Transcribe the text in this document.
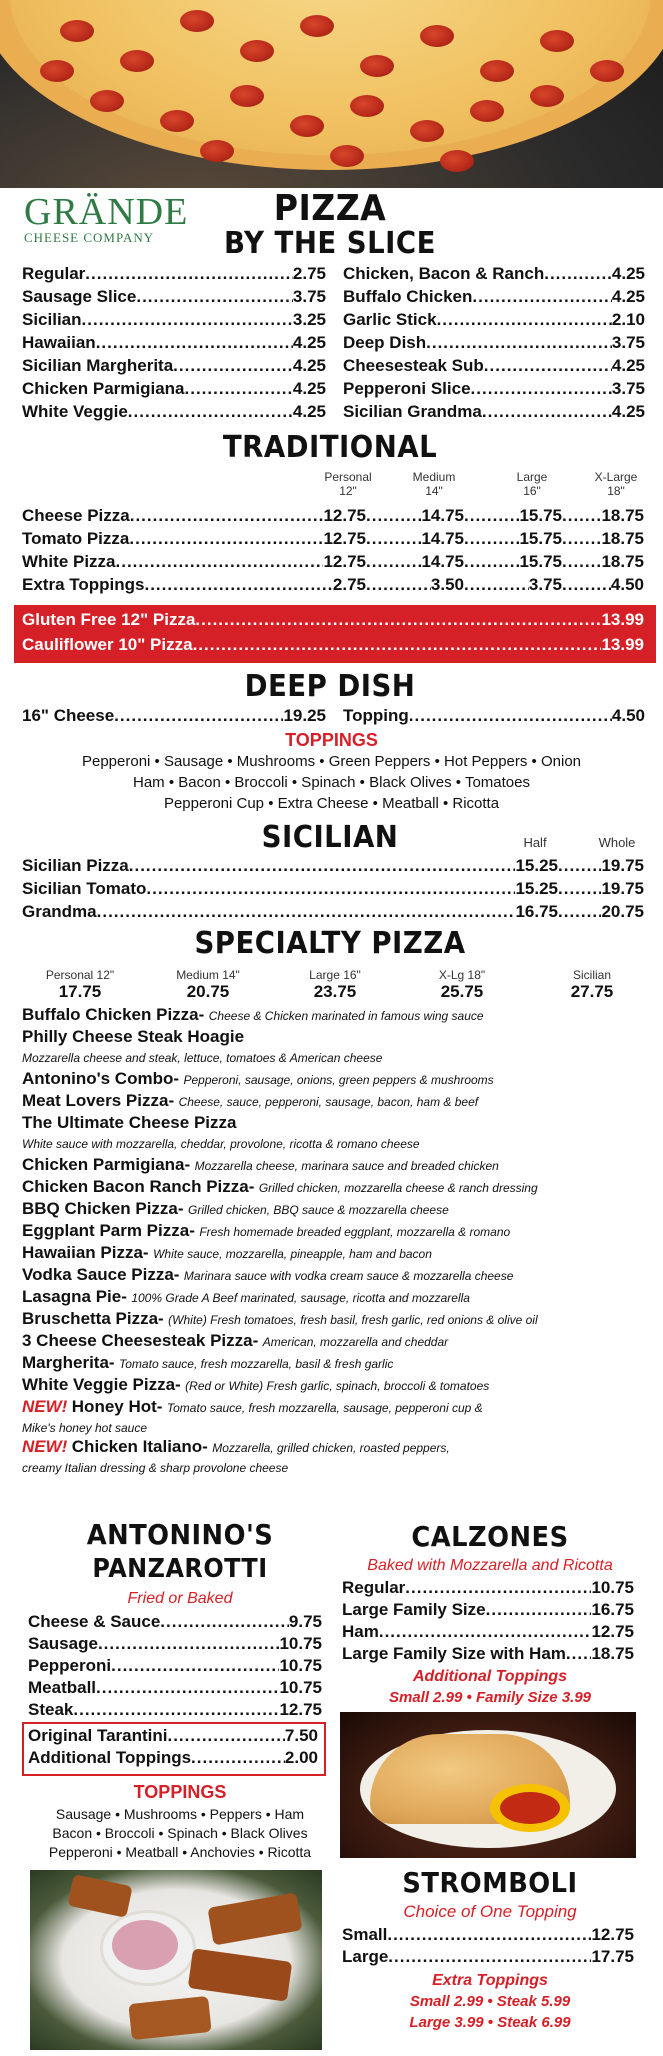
GRÄNDE
CHEESE COMPANY
PIZZA
BY THE SLICE
Regular .....	2.75
Sausage Slice .....	3.75
Sicilian .....	3.25
Hawaiian .....	4.25
Sicilian Margherita .....	4.25
Chicken Parmigiana .....	4.25
White Veggie .....	4.25
Chicken, Bacon & Ranch .....	4.25
Buffalo Chicken .....	4.25
Garlic Stick .....	2.10
Deep Dish .....	3.75
Cheesesteak Sub .....	4.25
Pepperoni Slice .....	3.75
Sicilian Grandma .....	4.25
TRADITIONAL
Personal
12"
Medium
14"
Large
16"
X-Large
18"
Cheese Pizza .....	12.75 .....	14.75 .....	15.75 ..... 18.75
Tomato Pizza .....	12.75 .....	14.75 .....	15.75 ..... 18.75
White Pizza .....	12.75 .....	14.75 .....	15.75 ..... 18.75
Extra Toppings .....	2.75 .....	3.50 .....	3.75 .....	4.50
Gluten Free 12" Pizza .....	13.99
Cauliflower 10" Pizza .....	13.99
DEEP DISH
16" Cheese .....	19.25 Topping .....	4.50
TOPPINGS
Pepperoni • Sausage • Mushrooms • Green Peppers • Hot Peppers • Onion
Ham • Bacon • Broccoli • Spinach • Black Olives • Tomatoes
Pepperoni Cup • Extra Cheese • Meatball • Ricotta
SICILIAN	Half	Whole
Sicilian Pizza .....	15.25 .....	19.75
Sicilian Tomato .....	15.25 .....	19.75
Grandma .....	16.75 .....	20.75
SPECIALTY PIZZA
Personal 12"
17.75
Medium 14"
20.75
Large 16"
23.75
X-Lg 18"
25.75
Sicilian
27.75
Buffalo Chicken Pizza- Cheese & Chicken marinated in famous wing sauce
Philly Cheese Steak Hoagie
Mozzarella cheese and steak, lettuce, tomatoes & American cheese
Antonino's Combo- Pepperoni, sausage, onions, green peppers & mushrooms
Meat Lovers Pizza- Cheese, sauce, pepperoni, sausage, bacon, ham & beef
The Ultimate Cheese Pizza
White sauce with mozzarella, cheddar, provolone, ricotta & romano cheese
Chicken Parmigiana- Mozzarella cheese, marinara sauce and breaded chicken
Chicken Bacon Ranch Pizza- Grilled chicken, mozzarella cheese & ranch dressing
BBQ Chicken Pizza- Grilled chicken, BBQ sauce & mozzarella cheese
Eggplant Parm Pizza- Fresh homemade breaded eggplant, mozzarella & romano
Hawaiian Pizza- White sauce, mozzarella, pineapple, ham and bacon
Vodka Sauce Pizza- Marinara sauce with vodka cream sauce & mozzarella cheese
Lasagna Pie- 100% Grade A Beef marinated, sausage, ricotta and mozzarella
Bruschetta Pizza- (White) Fresh tomatoes, fresh basil, fresh garlic, red onions & olive oil
3 Cheese Cheesesteak Pizza- American, mozzarella and cheddar
Margherita- Tomato sauce, fresh mozzarella, basil & fresh garlic
White Veggie Pizza- (Red or White) Fresh garlic, spinach, broccoli & tomatoes
NEW! Honey Hot- Tomato sauce, fresh mozzarella, sausage, pepperoni cup &
Mike's honey hot sauce
NEW! Chicken Italiano- Mozzarella, grilled chicken, roasted peppers,
creamy Italian dressing & sharp provolone cheese
ANTONINO'S
PANZAROTTI
Fried or Baked
Cheese & Sauce .....	9.75
Sausage .....	10.75
Pepperoni .....	10.75
Meatball .....	10.75
Steak .....	12.75
Original Tarantini .....	7.50
Additional Toppings .....	2.00
TOPPINGS
Sausage • Mushrooms • Peppers • Ham
Bacon • Broccoli • Spinach • Black Olives
Pepperoni • Meatball • Anchovies • Ricotta
CALZONES
Baked with Mozzarella and Ricotta
Regular .....	10.75
Large Family Size .....	16.75
Ham .....	12.75
Large Family Size with Ham ..... 18.75
Additional Toppings
Small 2.99 • Family Size 3.99
STROMBOLI
Choice of One Topping
Small .....	12.75
Large .....	17.75
Extra Toppings
Small 2.99 • Steak 5.99
Large 3.99 • Steak 6.99
